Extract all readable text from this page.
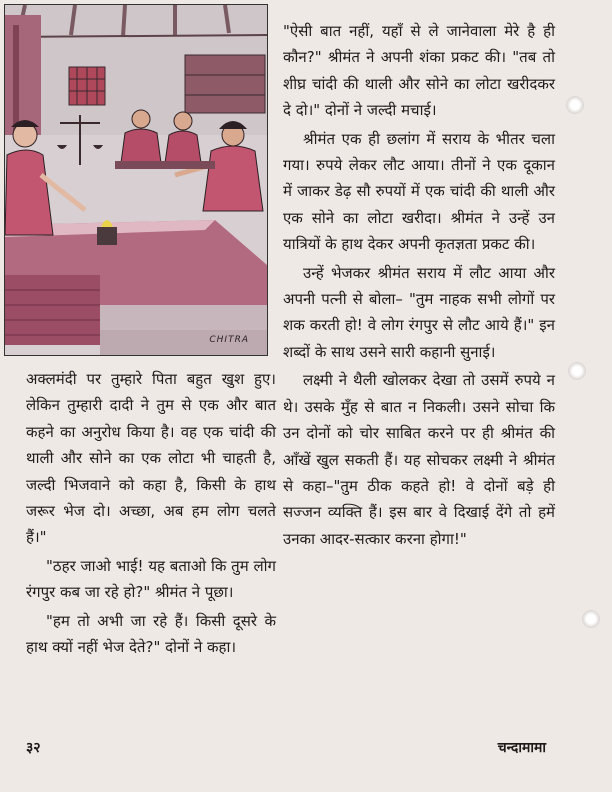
CHITRA

"ऐसी बात नहीं, यहाँ से ले जानेवाला मेरे है ही कौन?" श्रीमंत ने अपनी शंका प्रकट की। "तब तो शीघ्र चांदी की थाली और सोने का लोटा खरीदकर दे दो।" दोनों ने जल्दी मचाई।

श्रीमंत एक ही छलांग में सराय के भीतर चला गया। रुपये लेकर लौट आया। तीनों ने एक दूकान में जाकर डेढ़ सौ रुपयों में एक चांदी की थाली और एक सोने का लोटा खरीदा। श्रीमंत ने उन्हें उन यात्रियों के हाथ देकर अपनी कृतज्ञता प्रकट की।

उन्हें भेजकर श्रीमंत सराय में लौट आया और अपनी पत्नी से बोला– "तुम नाहक सभी लोगों पर शक करती हो! वे लोग रंगपुर से लौट आये हैं।" इन शब्दों के साथ उसने सारी कहानी सुनाई।

लक्ष्मी ने थैली खोलकर देखा तो उसमें रुपये न थे। उसके मुँह से बात न निकली। उसने सोचा कि उन दोनों को चोर साबित करने पर ही श्रीमंत की आँखें खुल सकती हैं। यह सोचकर लक्ष्मी ने श्रीमंत से कहा–"तुम ठीक कहते हो! वे दोनों बड़े ही सज्जन व्यक्ति हैं। इस बार वे दिखाई देंगे तो हमें उनका आदर-सत्कार करना होगा!"

अक्लमंदी पर तुम्हारे पिता बहुत खुश हुए। लेकिन तुम्हारी दादी ने तुम से एक और बात कहने का अनुरोध किया है। वह एक चांदी की थाली और सोने का एक लोटा भी चाहती है, जल्दी भिजवाने को कहा है, किसी के हाथ जरूर भेज दो। अच्छा, अब हम लोग चलते हैं।"

"ठहर जाओ भाई! यह बताओ कि तुम लोग रंगपुर कब जा रहे हो?" श्रीमंत ने पूछा।

"हम तो अभी जा रहे हैं। किसी दूसरे के हाथ क्यों नहीं भेज देते?" दोनों ने कहा।

३२	चन्दामामा
